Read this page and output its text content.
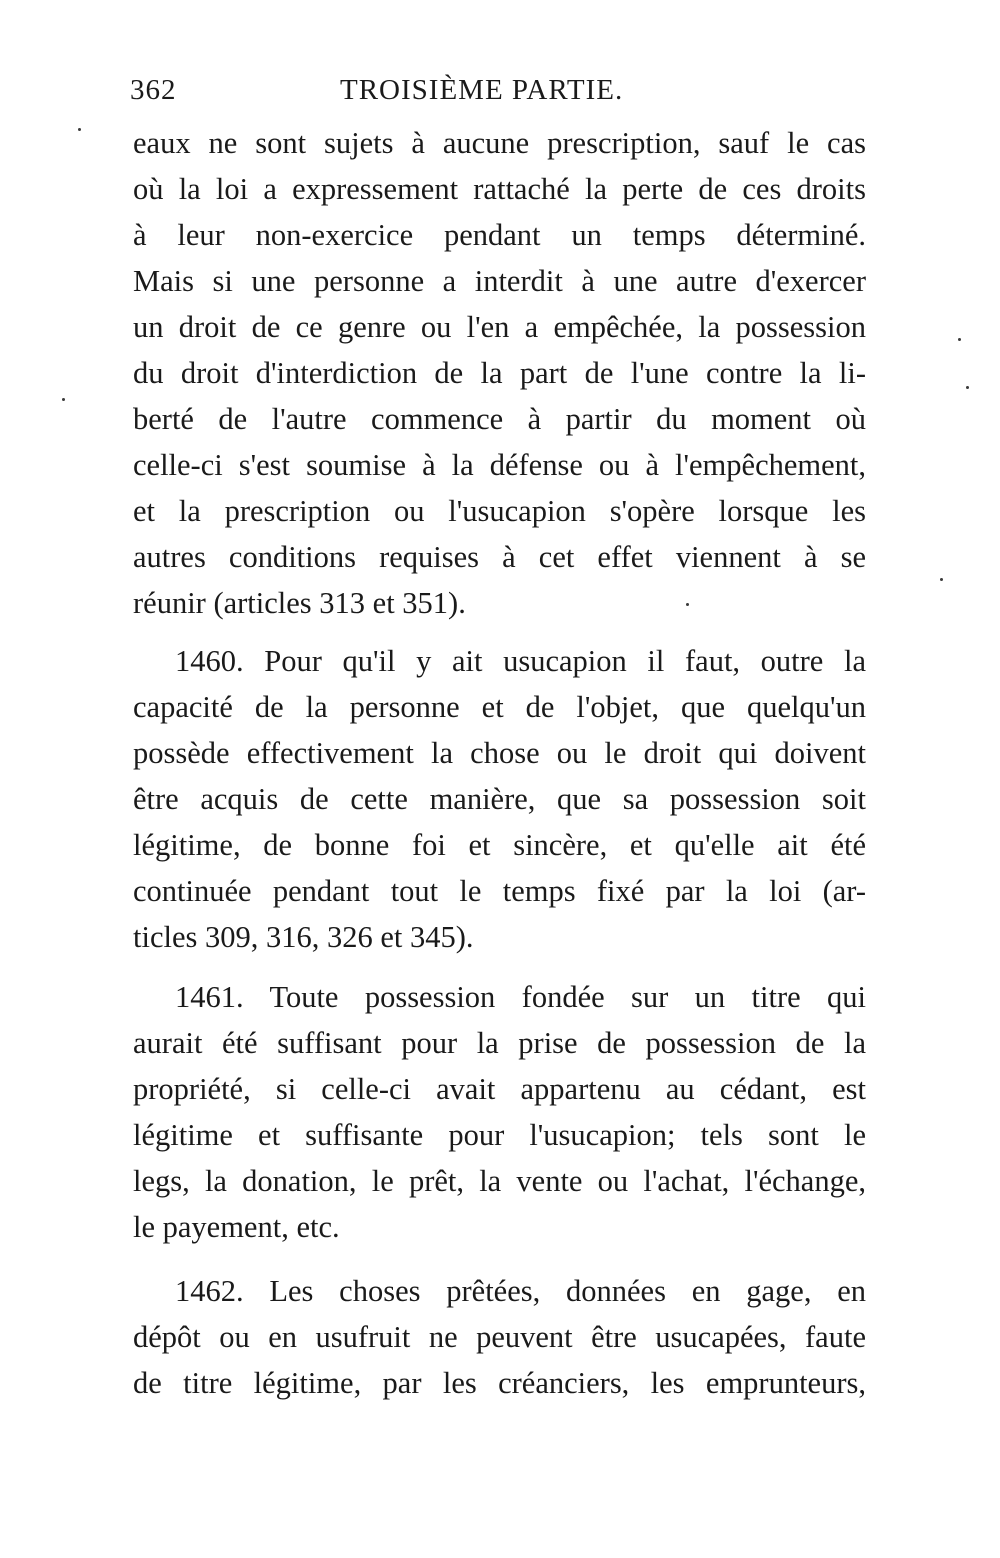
362	TROISIÈME PARTIE.
eaux ne sont sujets à aucune prescription, sauf le cas
où la loi a expressement rattaché la perte de ces droits
à leur non-exercice pendant un temps déterminé.
Mais si une personne a interdit à une autre d'exercer
un droit de ce genre ou l'en a empêchée, la possession
du droit d'interdiction de la part de l'une contre la li-
berté de l'autre commence à partir du moment où
celle-ci s'est soumise à la défense ou à l'empêchement,
et la prescription ou l'usucapion s'opère lorsque les
autres conditions requises à cet effet viennent à se
réunir (articles 313 et 351).
1460. Pour qu'il y ait usucapion il faut, outre la
capacité de la personne et de l'objet, que quelqu'un
possède effectivement la chose ou le droit qui doivent
être acquis de cette manière, que sa possession soit
légitime, de bonne foi et sincère, et qu'elle ait été
continuée pendant tout le temps fixé par la loi (ar-
ticles 309, 316, 326 et 345).
1461. Toute possession fondée sur un titre qui
aurait été suffisant pour la prise de possession de la
propriété, si celle-ci avait appartenu au cédant, est
légitime et suffisante pour l'usucapion; tels sont le
legs, la donation, le prêt, la vente ou l'achat, l'échange,
le payement, etc.
1462. Les choses prêtées, données en gage, en
dépôt ou en usufruit ne peuvent être usucapées, faute
de titre légitime, par les créanciers, les emprunteurs,
